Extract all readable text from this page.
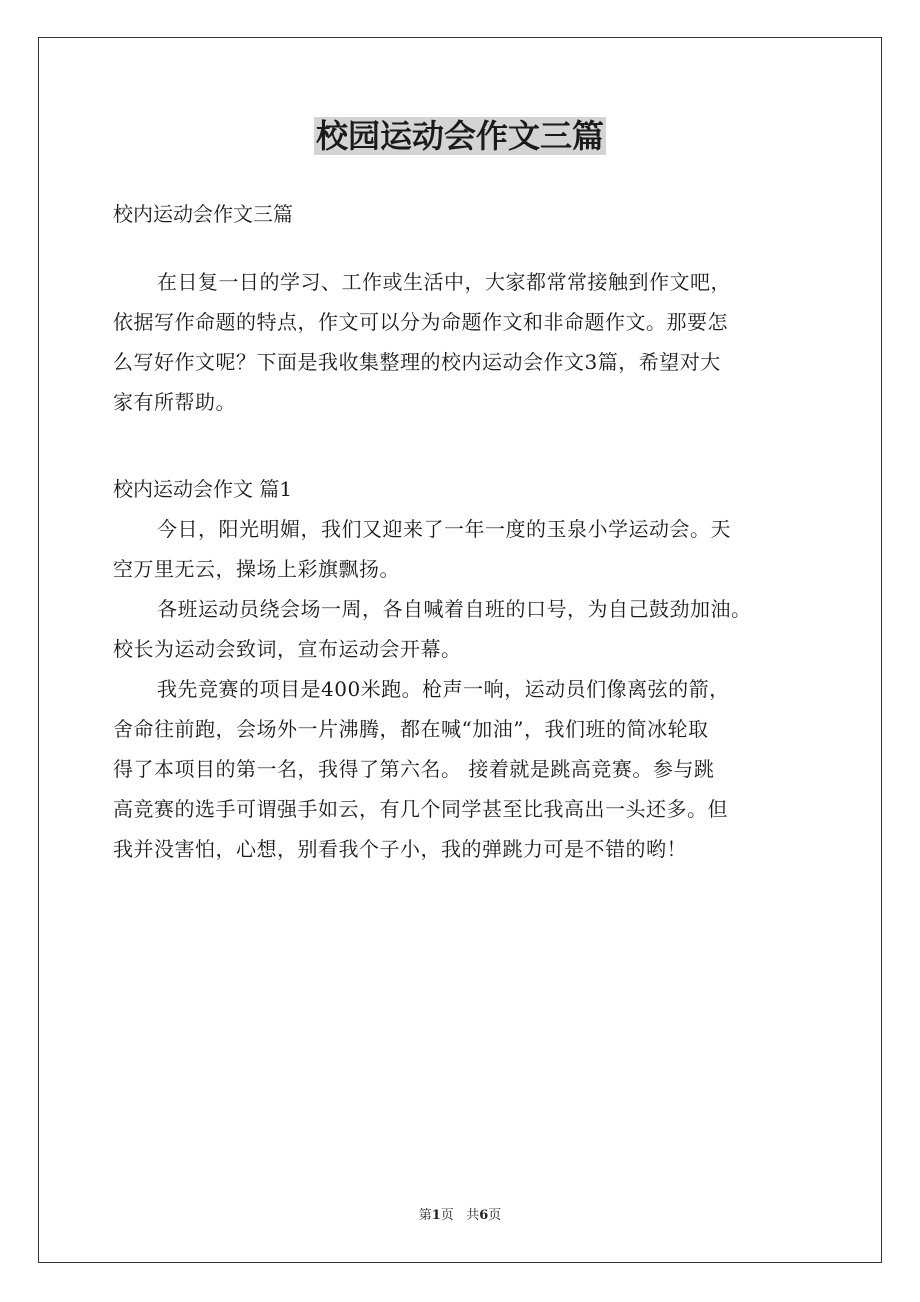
校园运动会作文三篇
校内运动会作文三篇
在日复一日的学习、工作或生活中，大家都常常接触到作文吧，
依据写作命题的特点，作文可以分为命题作文和非命题作文。那要怎
么写好作文呢？下面是我收集整理的校内运动会作文3篇，希望对大
家有所帮助。
校内运动会作文 篇1
今日，阳光明媚，我们又迎来了一年一度的玉泉小学运动会。天
空万里无云，操场上彩旗飘扬。
各班运动员绕会场一周，各自喊着自班的口号，为自己鼓劲加油。
校长为运动会致词，宣布运动会开幕。
我先竞赛的项目是400米跑。枪声一响，运动员们像离弦的箭，
舍命往前跑，会场外一片沸腾，都在喊“加油”，我们班的简冰轮取
得了本项目的第一名，我得了第六名。 接着就是跳高竞赛。参与跳
高竞赛的选手可谓强手如云，有几个同学甚至比我高出一头还多。但
我并没害怕，心想，别看我个子小，我的弹跳力可是不错的哟！
第1页 共6页
